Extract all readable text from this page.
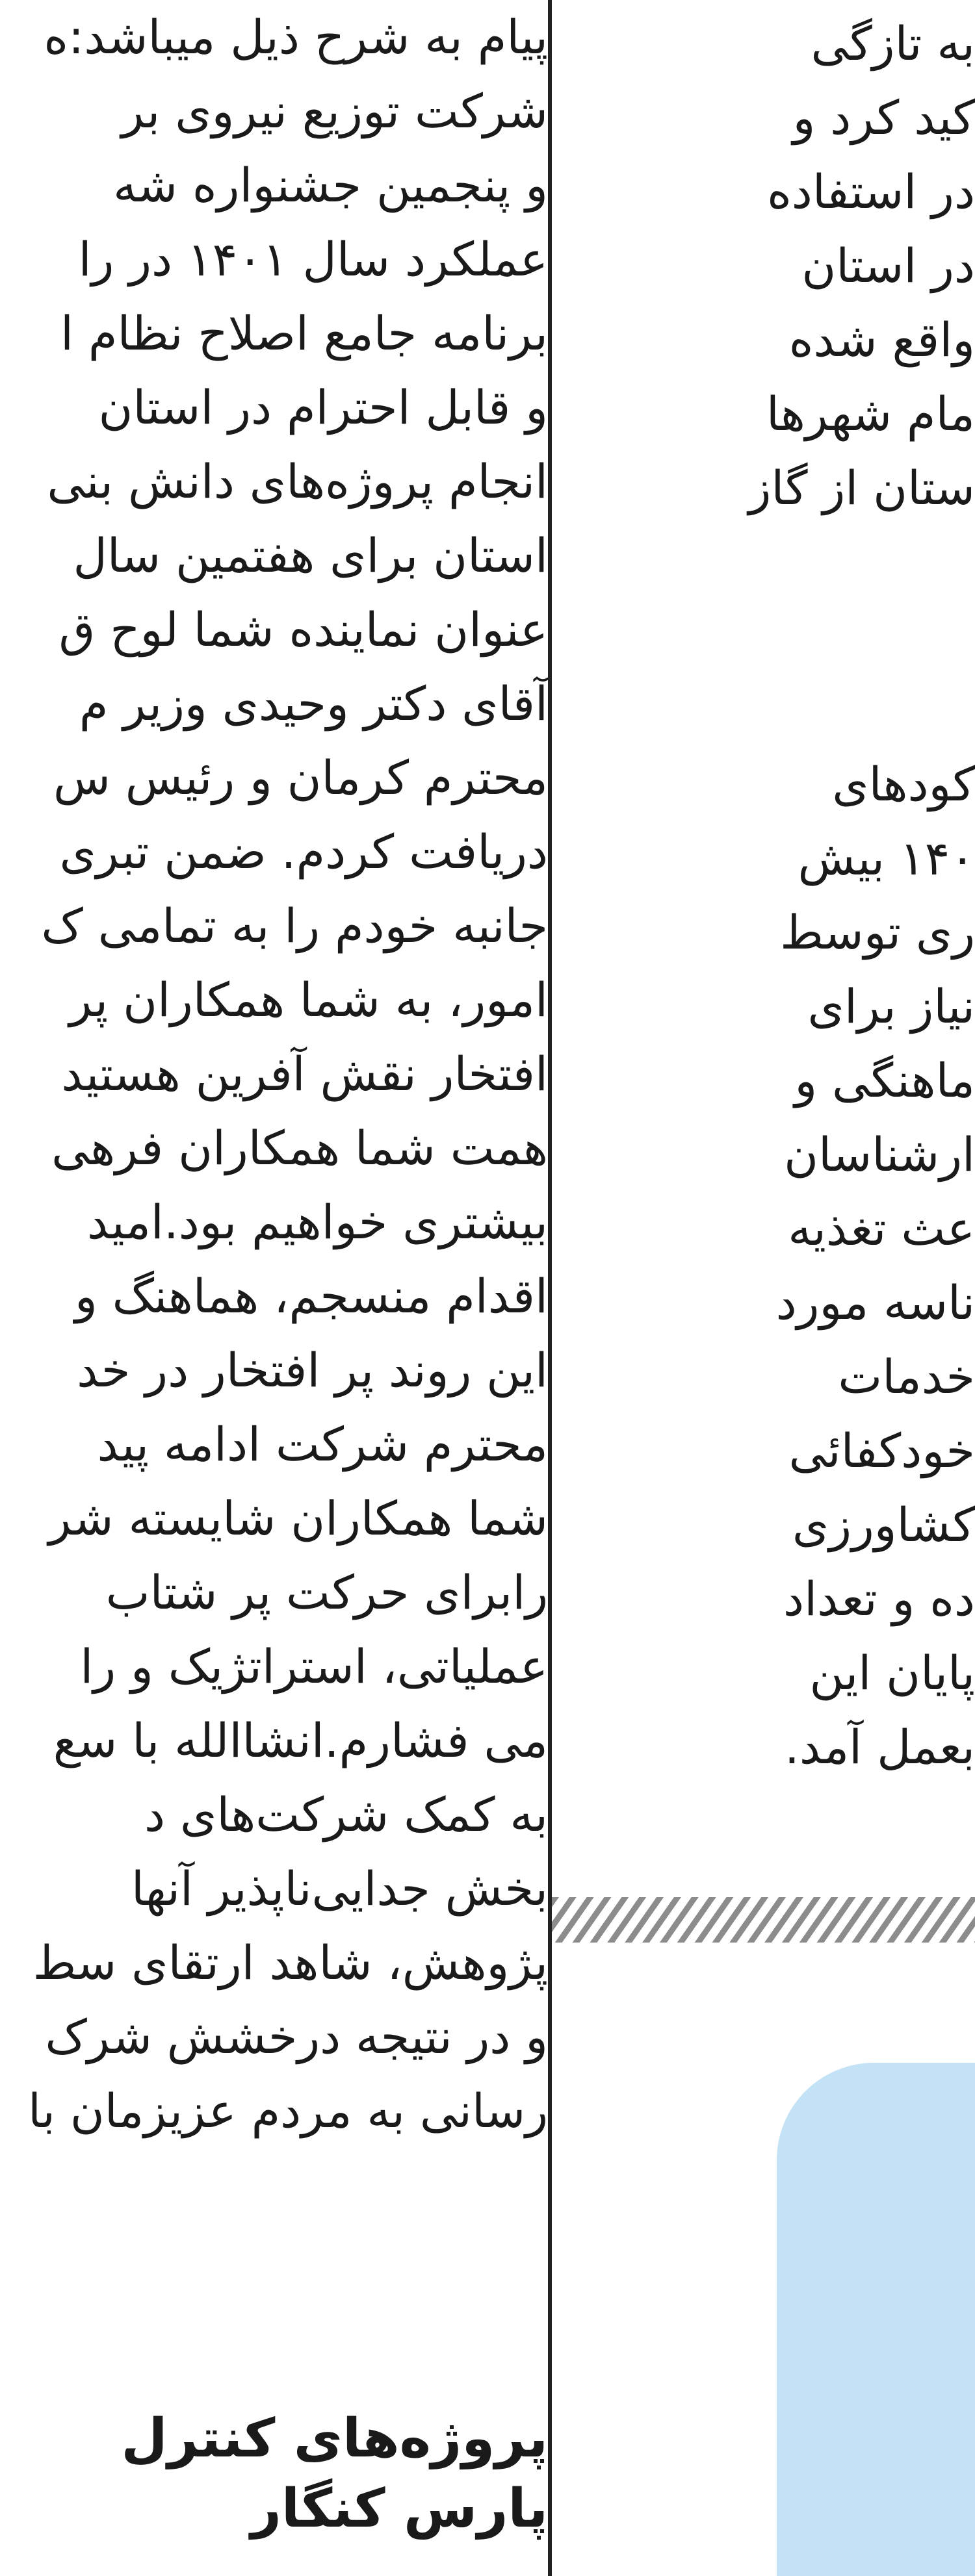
پیام به شرح ذیل میباشد:ه
شرکت توزیع نیروی بر
و پنجمین جشنواره شه
عملکرد سال ۱۴۰۱ در را
برنامه جامع اصلاح نظام ا
و قابل احترام در استان
انجام پروژه‌های دانش بنی
استان برای هفتمین سال
عنوان نماینده شما لوح ق
آقای دکتر وحیدی وزیر م
محترم کرمان و رئیس س
دریافت کردم. ضمن تبری
جانبه خودم را به تمامی ک
امور، به شما همکاران پر
افتخار نقش آفرین هستید
همت شما همکاران فرهی
بیشتری خواهیم بود.امید
اقدام منسجم، هماهنگ و
این روند پر افتخار در خد
محترم شرکت ادامه پید
شما همکاران شایسته شر
رابرای حرکت پر شتاب
عملیاتی، استراتژیک و را
می فشارم.انشاالله با سع
به کمک شرکت‌های د
بخش جدایی‌ناپذیر آنها
پژوهش، شاهد ارتقای سط
و در نتیجه درخشش شرک
رسانی به مردم عزیزمان با
پروژه‌های کنترل
پارس کنگار
به تازگی
کید کرد و
در استفاده
در استان
واقع شده
مام شهرها
ستان از گاز
کودهای
۱۴۰ بیش
ری توسط
نیاز برای
ماهنگی و
ارشناسان
عث تغذیه
ناسه مورد
خدمات
خودکفائی
کشاورزی
ده و تعداد
پایان این
بعمل آمد.
